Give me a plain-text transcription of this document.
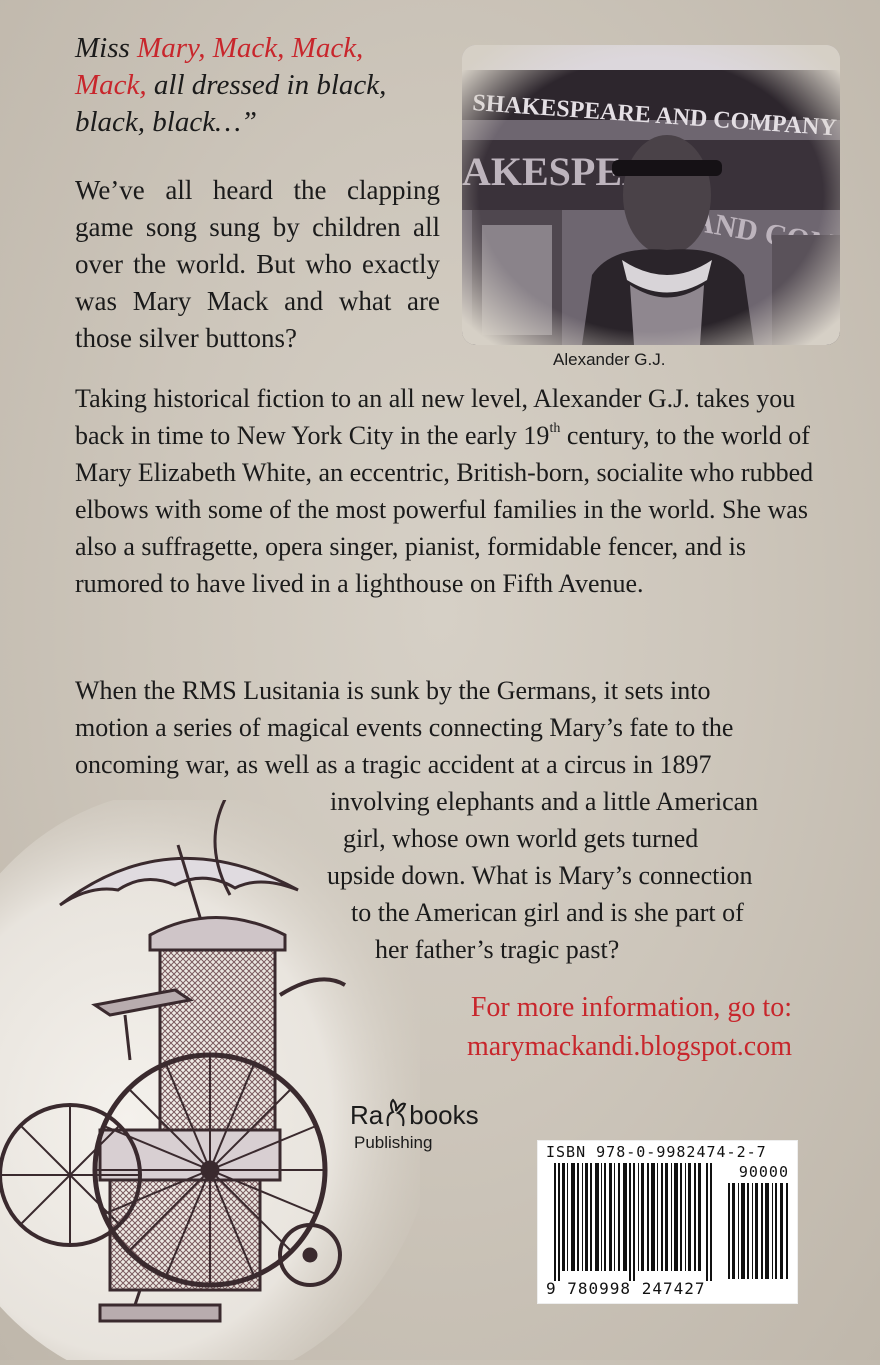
Miss Mary, Mack, Mack, Mack, all dressed in black, black, black…”
We’ve all heard the clapping game song sung by children all over the world. But who exactly was Mary Mack and what are those silver buttons?
Alexander G.J.
Taking historical fiction to an all new level, Alexander G.J. takes you back in time to New York City in the early 19th century, to the world of Mary Elizabeth White, an eccentric, British-born, socialite who rubbed elbows with some of the most powerful families in the world. She was also a suffragette, opera singer, pianist, formidable fencer, and is rumored to have lived in a lighthouse on Fifth Avenue.
When the RMS Lusitania is sunk by the Germans, it sets into
motion a series of magical events connecting Mary’s fate to the
oncoming war, as well as a tragic accident at a circus in 1897
involving elephants and a little American
girl, whose own world gets turned
upside down. What is Mary’s connection
to the American girl and is she part of
her father’s tragic past?
For more information, go to:
marymackandi.blogspot.com
Ra books
Publishing	ISBN 978-0-9982474-2-7
90000
9 780998 247427
